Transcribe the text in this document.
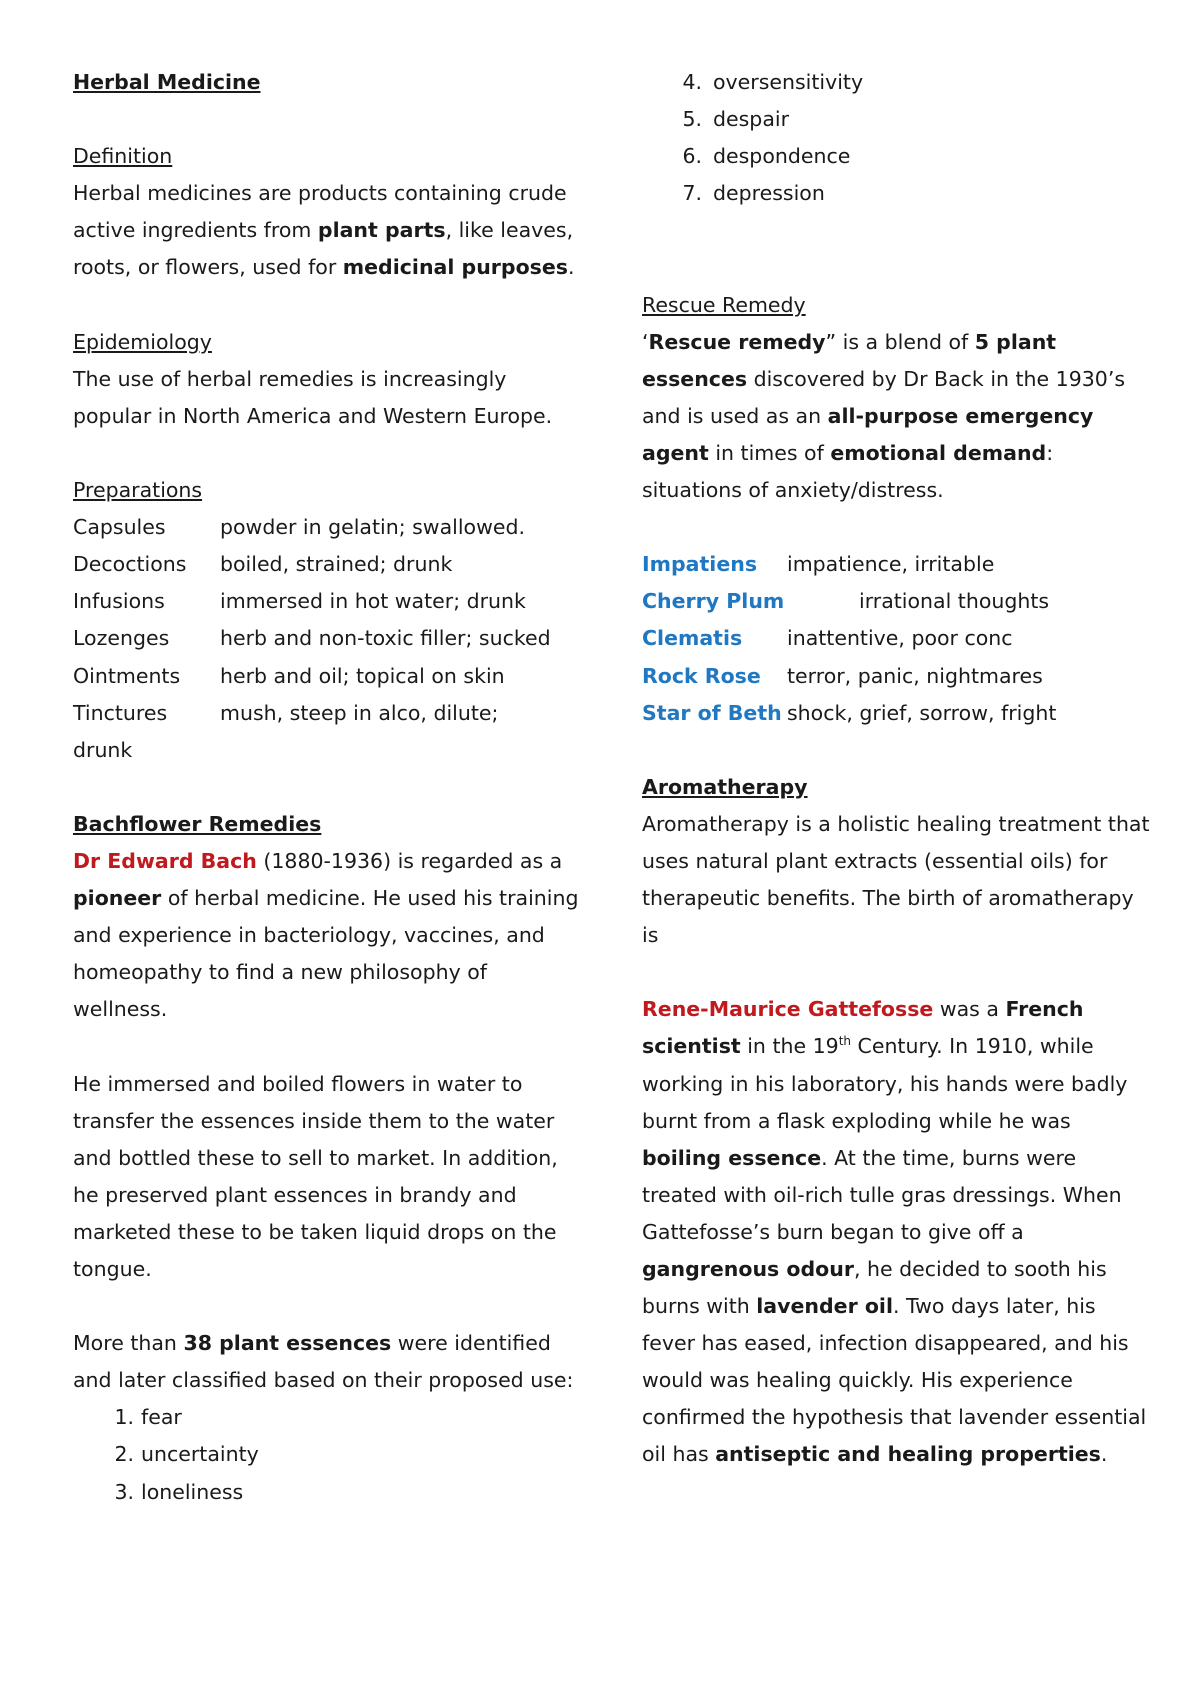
Herbal Medicine
Definition
Herbal medicines are products containing crude active ingredients from plant parts, like leaves, roots, or flowers, used for medicinal purposes.
Epidemiology
The use of herbal remedies is increasingly popular in North America and Western Europe.
Preparations
Capsules	powder in gelatin; swallowed.
Decoctions boiled, strained; drunk
Infusions	immersed in hot water; drunk
Lozenges herb and non-toxic filler; sucked
Ointments herb and oil; topical on skin
Tinctures	mush, steep in alco, dilute;
drunk
Bachflower Remedies
Dr Edward Bach (1880-1936) is regarded as a pioneer of herbal medicine. He used his training and experience in bacteriology, vaccines, and homeopathy to find a new philosophy of wellness.
He immersed and boiled flowers in water to transfer the essences inside them to the water and bottled these to sell to market. In addition, he preserved plant essences in brandy and marketed these to be taken liquid drops on the tongue.
More than 38 plant essences were identified and later classified based on their proposed use:
1. fear
2. uncertainty
3. loneliness
4. oversensitivity
5. despair
6. despondence
7. depression
Rescue Remedy
‘Rescue remedy” is a blend of 5 plant essences discovered by Dr Back in the 1930’s and is used as an all-purpose emergency agent in times of emotional demand: situations of anxiety/distress.
Impatiens impatience, irritable
Cherry Plum	irrational thoughts
Clematis inattentive, poor conc
Rock Rose terror, panic, nightmares
Star of Beth shock, grief, sorrow, fright
Aromatherapy
Aromatherapy is a holistic healing treatment that uses natural plant extracts (essential oils) for therapeutic benefits. The birth of aromatherapy is
Rene-Maurice Gattefosse was a French scientist in the 19th Century. In 1910, while working in his laboratory, his hands were badly burnt from a flask exploding while he was boiling essence. At the time, burns were treated with oil-rich tulle gras dressings. When Gattefosse’s burn began to give off a gangrenous odour, he decided to sooth his burns with lavender oil. Two days later, his fever has eased, infection disappeared, and his would was healing quickly. His experience confirmed the hypothesis that lavender essential oil has antiseptic and healing properties.
